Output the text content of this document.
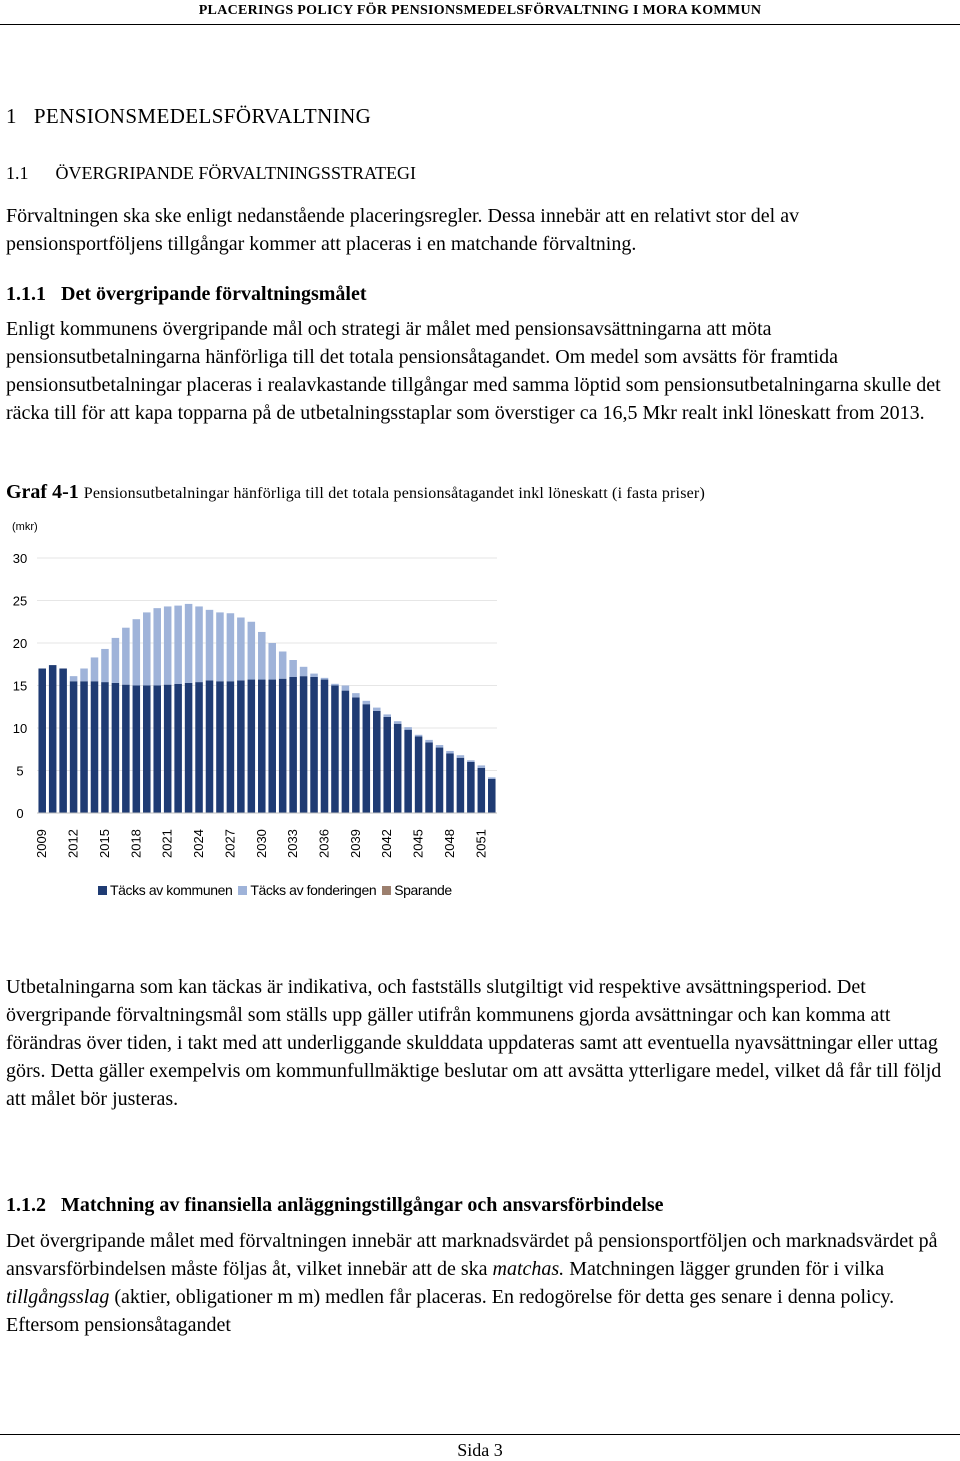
PLACERINGS POLICY FÖR PENSIONSMEDELSFÖRVALTNING I MORA KOMMUN
1   PENSIONSMEDELSFÖRVALTNING
1.1      ÖVERGRIPANDE FÖRVALTNINGSSTRATEGI
Förvaltningen ska ske enligt nedanstående placeringsregler. Dessa innebär att en relativt stor del av pensionsportföljens tillgångar kommer att placeras i en matchande förvaltning.
1.1.1   Det övergripande förvaltningsmålet
Enligt kommunens övergripande mål och strategi är målet med pensionsavsättningarna att möta pensionsutbetalningarna hänförliga till det totala pensionsåtagandet. Om medel som avsätts för framtida pensionsutbetalningar placeras i realavkastande tillgångar med samma löptid som pensionsutbetalningarna skulle det räcka till för att kapa topparna på de utbetalningsstaplar som överstiger ca 16,5 Mkr realt inkl löneskatt from 2013.
Graf 4-1 Pensionsutbetalningar hänförliga till det totala pensionsåtagandet inkl löneskatt (i fasta priser)
(mkr)
0
5
10
15
20
25
30
2009 2012 2015 2018 2021 2024 2027 2030 2033 2036 2039 2042 2045 2048 2051
Täcks av kommunen Täcks av fonderingen Sparande
Utbetalningarna som kan täckas är indikativa, och fastställs slutgiltigt vid respektive avsättningsperiod. Det övergripande förvaltningsmål som ställs upp gäller utifrån kommunens gjorda avsättningar och kan komma att förändras över tiden, i takt med att underliggande skulddata uppdateras samt att eventuella nyavsättningar eller uttag görs. Detta gäller exempelvis om kommunfullmäktige beslutar om att avsätta ytterligare medel, vilket då får till följd att målet bör justeras.
1.1.2   Matchning av finansiella anläggningstillgångar och ansvarsförbindelse
Det övergripande målet med förvaltningen innebär att marknadsvärdet på pensionsportföljen och marknadsvärdet på ansvarsförbindelsen måste följas åt, vilket innebär att de ska matchas. Matchningen lägger grunden för i vilka tillgångsslag (aktier, obligationer m m) medlen får placeras. En redogörelse för detta ges senare i denna policy. Eftersom pensionsåtagandet
Sida 3
